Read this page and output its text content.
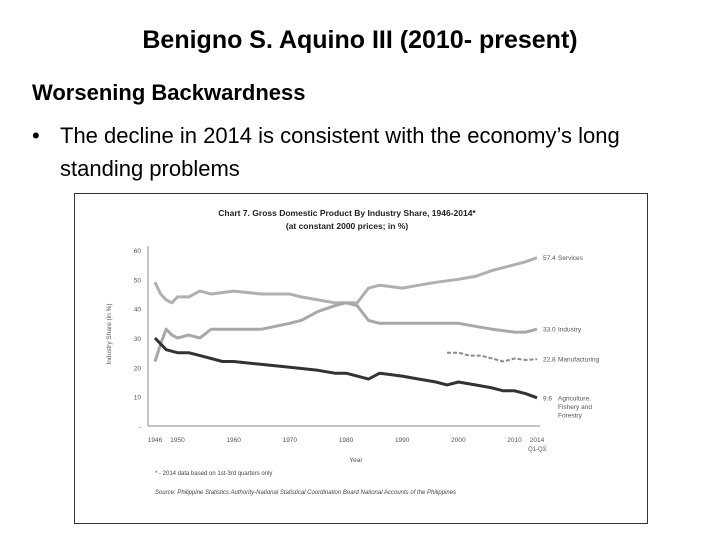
Benigno S. Aquino III (2010- present)
Worsening Backwardness
• The decline in 2014 is consistent with the economy’s long standing problems
Chart 7. Gross Domestic Product By Industry Share, 1946-2014*
(at constant 2000 prices; in %)
-
10
20
30
40
50
60
1946 1950	1960	1970	1980	1990	2000	2010 2014
Q1-Q3
57.4 Services
33.0 Industry
22.8 Manufacturing
9.6 Agriculture,
Fishery and
Forestry
Industry Share (in %)
Year
* - 2014 data based on 1st-3rd quarters only
Source: Philippine Statistics Authority-National Statistical Coordination Board National Accounts of the Philippines
